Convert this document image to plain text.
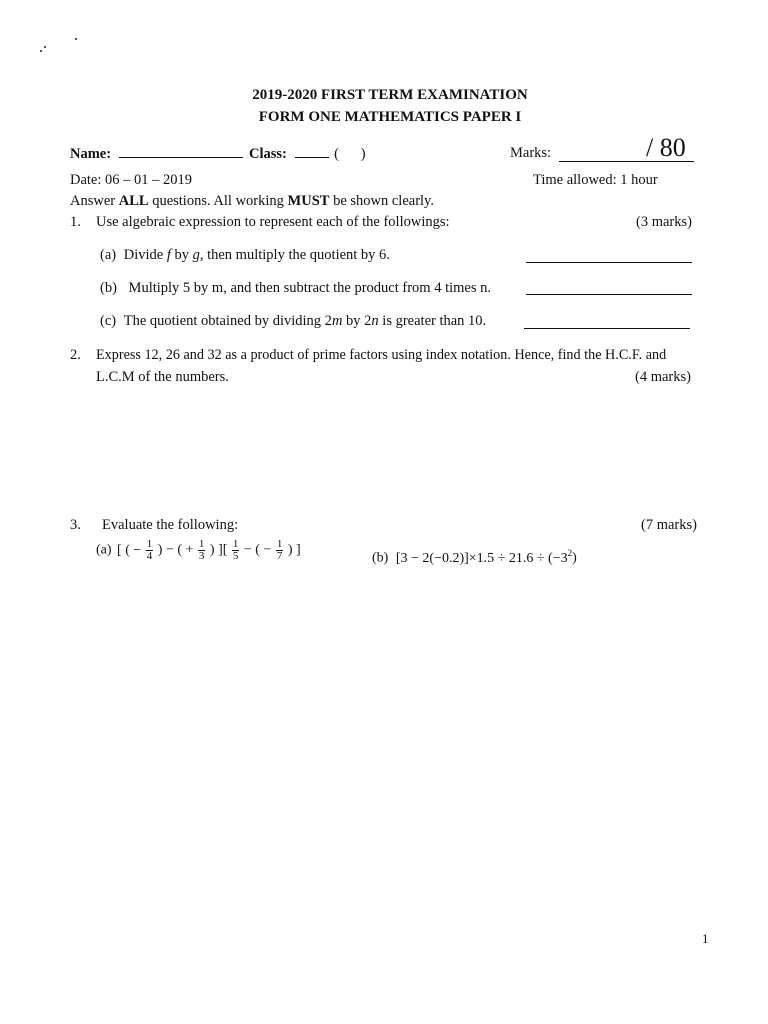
2019-2020 FIRST TERM EXAMINATION
FORM ONE MATHEMATICS PAPER I
Name:	Class:	(      )	Marks:	/ 80
Date: 06 – 01 – 2019	Time allowed: 1 hour
Answer ALL questions. All working MUST be shown clearly.
1. Use algebraic expression to represent each of the followings:	(3 marks)
(a) Divide f by g, then multiply the quotient by 6.
(b) Multiply 5 by m, and then subtract the product from 4 times n.
(c) The quotient obtained by dividing 2m by 2n is greater than 10.
2. Express 12, 26 and 32 as a product of prime factors using index notation. Hence, find the H.C.F. and
L.C.M of the numbers.	(4 marks)
3. Evaluate the following:	(7 marks)
(a) [ ( − $\frac{1}{4}$ ) − ( + $\frac{1}{3}$ ) ][ $\frac{1}{5}$ − ( − $\frac{1}{7}$ ) ]
(b) $[3 - 2(-0.2)]\times 1.5 \div 21.6 \div (-3^2)$
1
